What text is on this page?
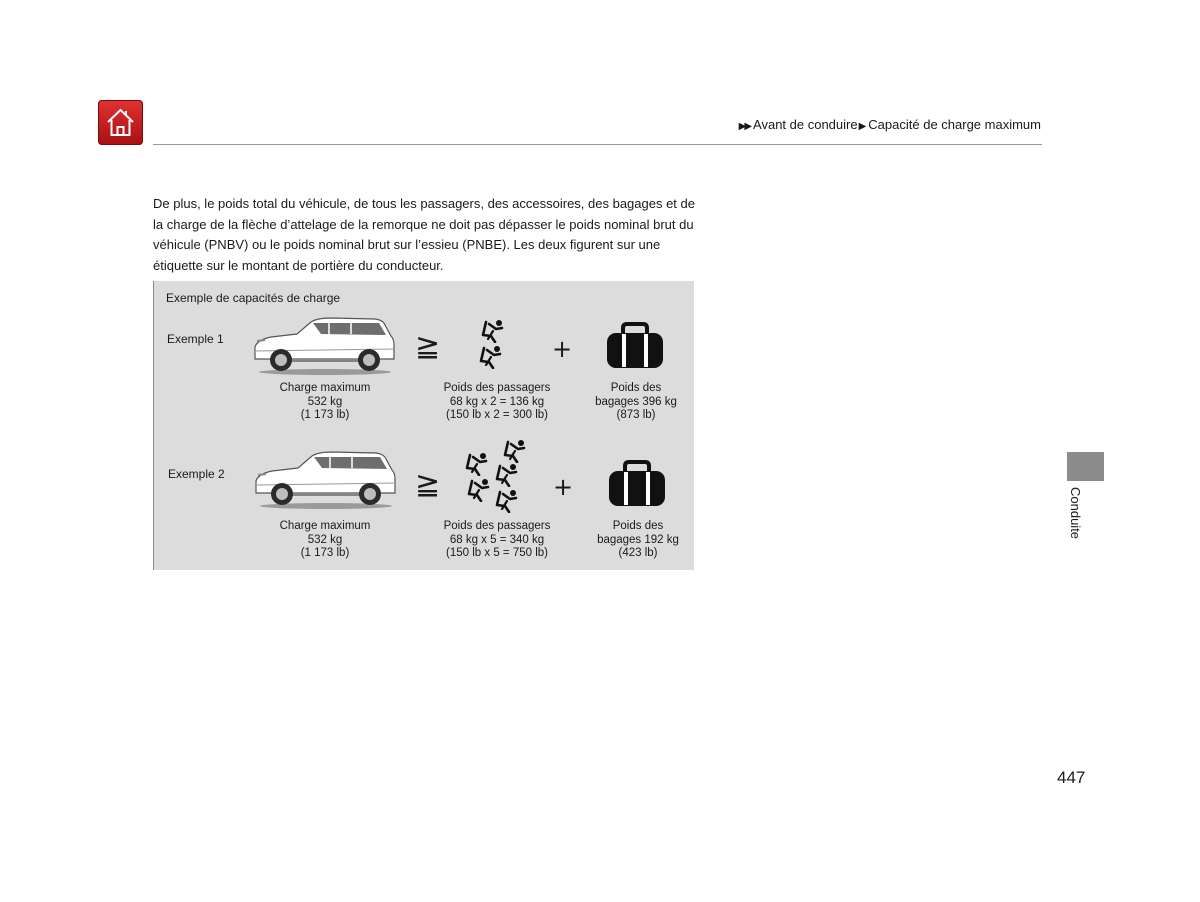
▶▶ Avant de conduire▶ Capacité de charge maximum

De plus, le poids total du véhicule, de tous les passagers, des accessoires, des bagages et de la charge de la flèche d’attelage de la remorque ne doit pas dépasser le poids nominal brut du véhicule (PNBV) ou le poids nominal brut sur l’essieu (PNBE). Les deux figurent sur une étiquette sur le montant de portière du conducteur.

Exemple de capacités de charge
Exemple 1	≧	+
Charge maximum
532 kg
(1 173 lb)
Poids des passagers
68 kg x 2 = 136 kg
(150 lb x 2 = 300 lb)
Poids des
bagages 396 kg
(873 lb)
Exemple 2	≧	+
Charge maximum
532 kg
(1 173 lb)
Poids des passagers
68 kg x 5 = 340 kg
(150 lb x 5 = 750 lb)
Poids des
bagages 192 kg
(423 lb)
Conduite
447
